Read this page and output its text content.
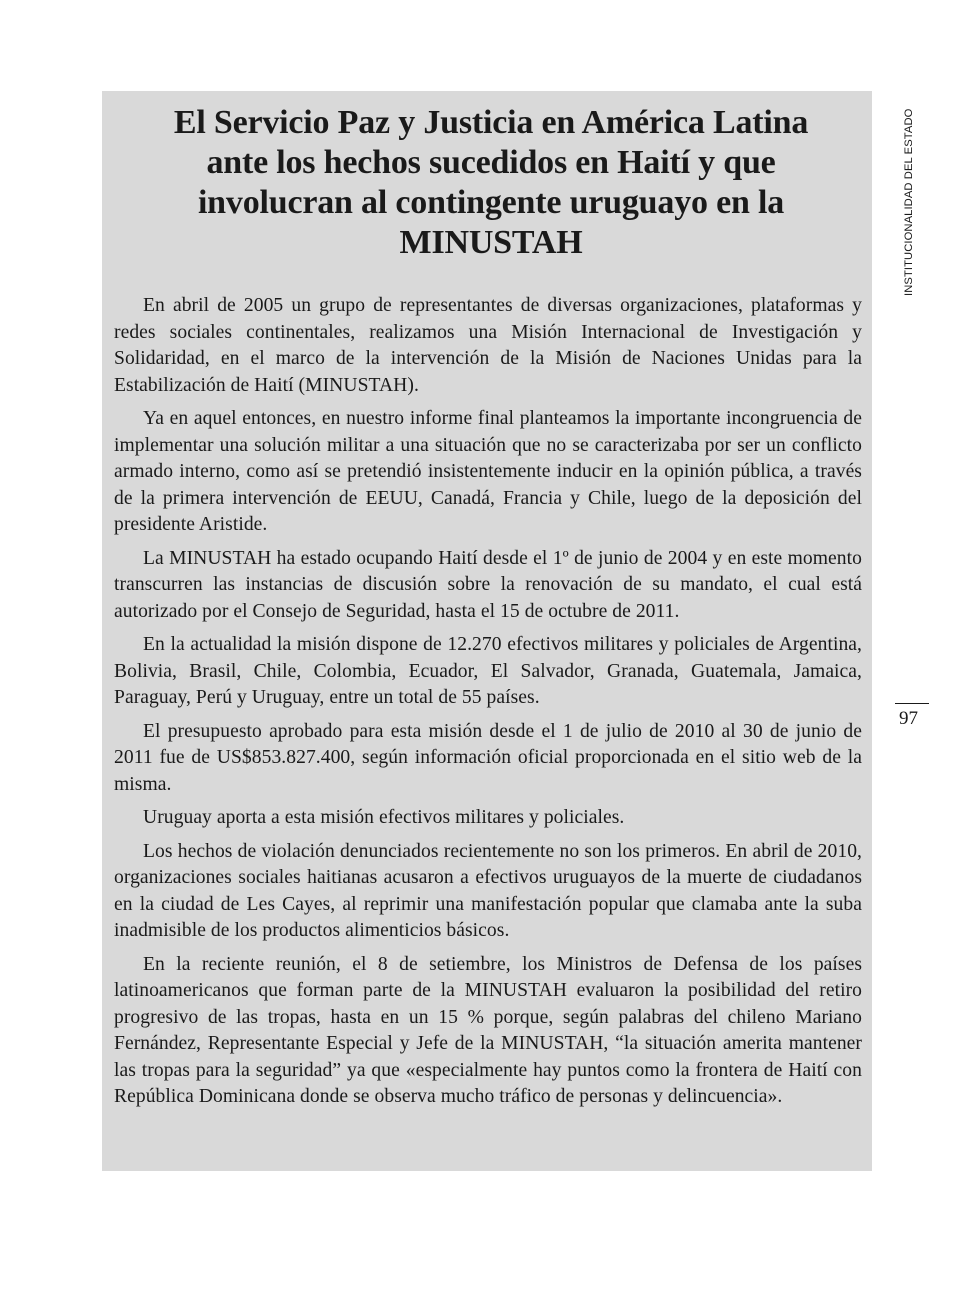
El Servicio Paz y Justicia en América Latina ante los hechos sucedidos en Haití y que involucran al contingente uruguayo en la MINUSTAH

En abril de 2005 un grupo de representantes de diversas organizaciones, plataformas y redes sociales continentales, realizamos una Misión Internacional de Investigación y Solidaridad, en el marco de la intervención de la Misión de Naciones Unidas para la Estabilización de Haití (MINUSTAH).

Ya en aquel entonces, en nuestro informe final planteamos la importante incongruencia de implementar una solución militar a una situación que no se caracterizaba por ser un conflicto armado interno, como así se pretendió insistentemente inducir en la opinión pública, a través de la primera intervención de EEUU, Canadá, Francia y Chile, luego de la deposición del presidente Aristide.

La MINUSTAH ha estado ocupando Haití desde el 1º de junio de 2004 y en este momento transcurren las instancias de discusión sobre la renovación de su mandato, el cual está autorizado por el Consejo de Seguridad, hasta el 15 de octubre de 2011.

En la actualidad la misión dispone de 12.270 efectivos militares y policiales de Argentina, Bolivia, Brasil, Chile, Colombia, Ecuador, El Salvador, Granada, Guatemala, Jamaica, Paraguay, Perú y Uruguay, entre un total de 55 países.

El presupuesto aprobado para esta misión desde el 1 de julio de 2010 al 30 de junio de 2011 fue de US$853.827.400, según información oficial proporcionada en el sitio web de la misma.

Uruguay aporta a esta misión efectivos militares y policiales.

Los hechos de violación denunciados recientemente no son los primeros. En abril de 2010, organizaciones sociales haitianas acusaron a efectivos uruguayos de la muerte de ciudadanos en la ciudad de Les Cayes, al reprimir una manifestación popular que clamaba ante la suba inadmisible de los productos alimenticios básicos.

En la reciente reunión, el 8 de setiembre, los Ministros de Defensa de los países latinoamericanos que forman parte de la MINUSTAH evaluaron la posibilidad del retiro progresivo de las tropas, hasta en un 15 % porque, según palabras del chileno Mariano Fernández, Representante Especial y Jefe de la MINUSTAH, “la situación amerita mantener las tropas para la seguridad” ya que «especialmente hay puntos como la frontera de Haití con República Dominicana donde se observa mucho tráfico de personas y delincuencia».

INSTITUCIONALIDAD DEL ESTADO
97
